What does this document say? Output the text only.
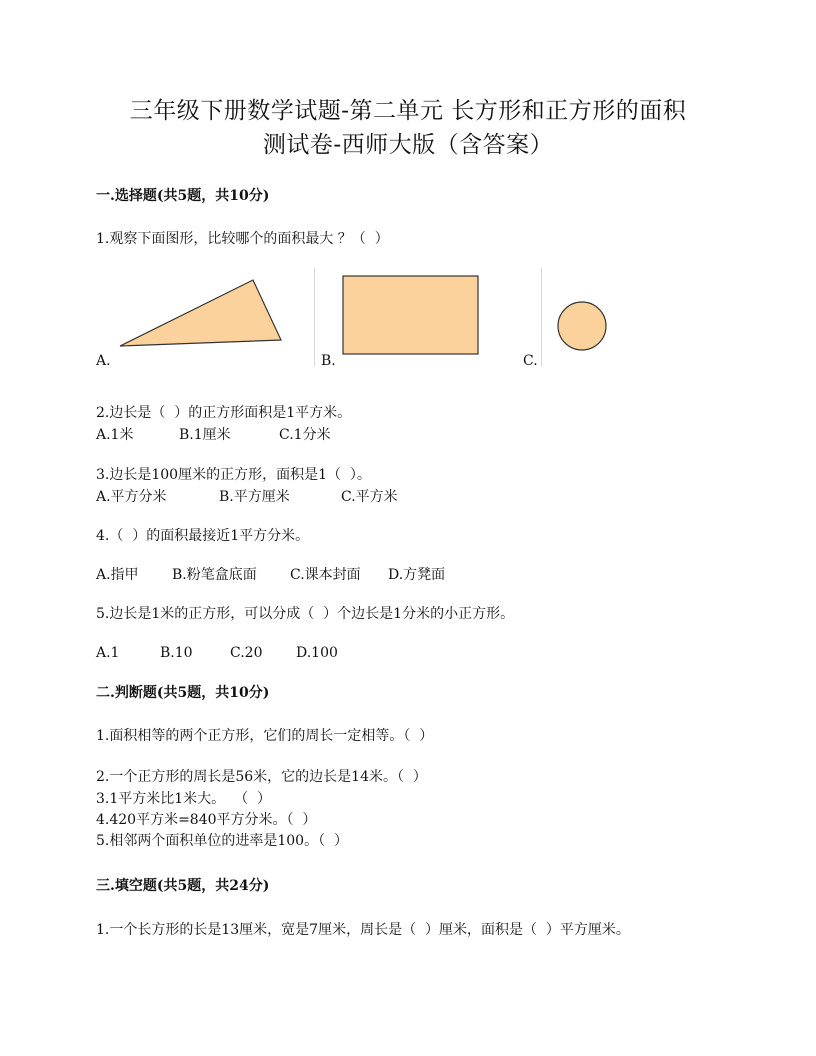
三年级下册数学试题-第二单元 长方形和正方形的面积
测试卷-西师大版（含答案）
一.选择题(共5题，共10分)
1.观察下面图形，比较哪个的面积最大 ？（  ）
A.	B.	C.
2.边长是（  ）的正方形面积是1平方米。
A.1米	B.1厘米	C.1分米
3.边长是100厘米的正方形，面积是1（  ）。
A.平方分米	B.平方厘米	C.平方米
4.（  ）的面积最接近1平方分米。
A.指甲 B.粉笔盒底面 C.课本封面 D.方凳面
5.边长是1米的正方形，可以分成（  ）个边长是1分米的小正方形。
A.1	B.10	C.20 D.100
二.判断题(共5题，共10分)
1.面积相等的两个正方形，它们的周长一定相等。（  ）
2.一个正方形的周长是56米，它的边长是14米。（  ）
3.1平方米比1米大。  （  ）
4.420平方米=840平方分米。（  ）
5.相邻两个面积单位的进率是100。（  ）
三.填空题(共5题，共24分)
1.一个长方形的长是13厘米，宽是7厘米，周长是（  ）厘米，面积是（  ）平方厘米。
